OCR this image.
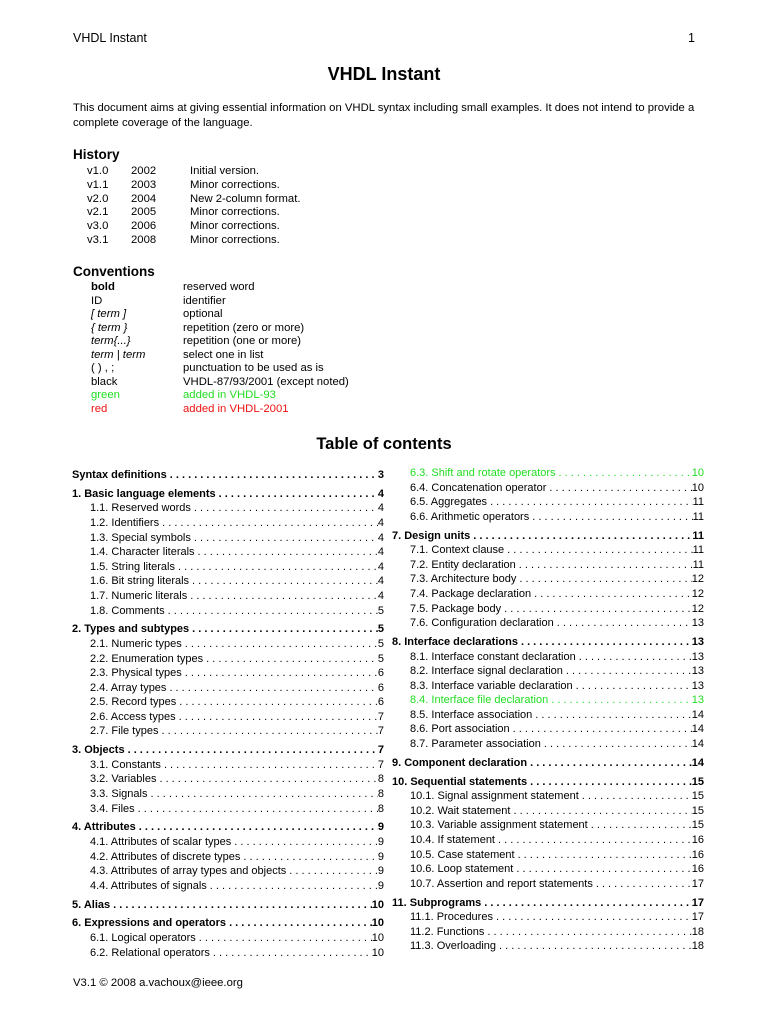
VHDL Instant	1
VHDL Instant
This document aims at giving essential information on VHDL syntax including small examples. It does not intend to provide a complete coverage of the language.
History
v1.0 2002	Initial version.
v1.1 2003	Minor corrections.
v2.0 2004	New 2-column format.
v2.1 2005	Minor corrections.
v3.0 2006	Minor corrections.
v3.1 2008	Minor corrections.
Conventions
bold	reserved word
ID	identifier
[ term ]	optional
{ term }	repetition (zero or more)
term{...}	repetition (one or more)
term | term	select one in list
( ) , ;	punctuation to be used as is
black	VHDL-87/93/2001 (except noted)
green	added in VHDL-93
red	added in VHDL-2001
Table of contents
Syntax definitions . . .	3
1. Basic language elements . . .	4
1.1. Reserved words . . .	4
1.2. Identifiers . . .	4
1.3. Special symbols . . .	4
1.4. Character literals . . .	4
1.5. String literals . . .	4
1.6. Bit string literals . . .	4
1.7. Numeric literals . . .	4
1.8. Comments . . .	5
2. Types and subtypes . . .	5
2.1. Numeric types . . .	5
2.2. Enumeration types . . .	5
2.3. Physical types . . .	6
2.4. Array types . . .	6
2.5. Record types . . .	6
2.6. Access types . . .	7
2.7. File types . . .	7
3. Objects . . .	7
3.1. Constants . . .	7
3.2. Variables . . .	8
3.3. Signals . . .	8
3.4. Files . . .	8
4. Attributes . . .	9
4.1. Attributes of scalar types . . .	9
4.2. Attributes of discrete types . . .	9
4.3. Attributes of array types and objects . . .	9
4.4. Attributes of signals . . .	9
5. Alias . . .	10
6. Expressions and operators . . .	10
6.1. Logical operators . . .	10
6.2. Relational operators . . .	10
6.3. Shift and rotate operators . . .	10
6.4. Concatenation operator . . .	10
6.5. Aggregates . . .	11
6.6. Arithmetic operators . . .	11
7. Design units . . .	11
7.1. Context clause . . .	11
7.2. Entity declaration . . .	11
7.3. Architecture body . . .	12
7.4. Package declaration . . .	12
7.5. Package body . . .	12
7.6. Configuration declaration . . .	13
8. Interface declarations . . .	13
8.1. Interface constant declaration . . .	13
8.2. Interface signal declaration . . .	13
8.3. Interface variable declaration . . .	13
8.4. Interface file declaration . . .	13
8.5. Interface association . . .	14
8.6. Port association . . .	14
8.7. Parameter association . . .	14
9. Component declaration . . .	14
10. Sequential statements . . .	15
10.1. Signal assignment statement . . .	15
10.2. Wait statement . . .	15
10.3. Variable assignment statement . . .	15
10.4. If statement . . .	16
10.5. Case statement . . .	16
10.6. Loop statement . . .	16
10.7. Assertion and report statements . . .	17
11. Subprograms . . .	17
11.1. Procedures . . .	17
11.2. Functions . . .	18
11.3. Overloading . . .	18
V3.1 © 2008 a.vachoux@ieee.org
